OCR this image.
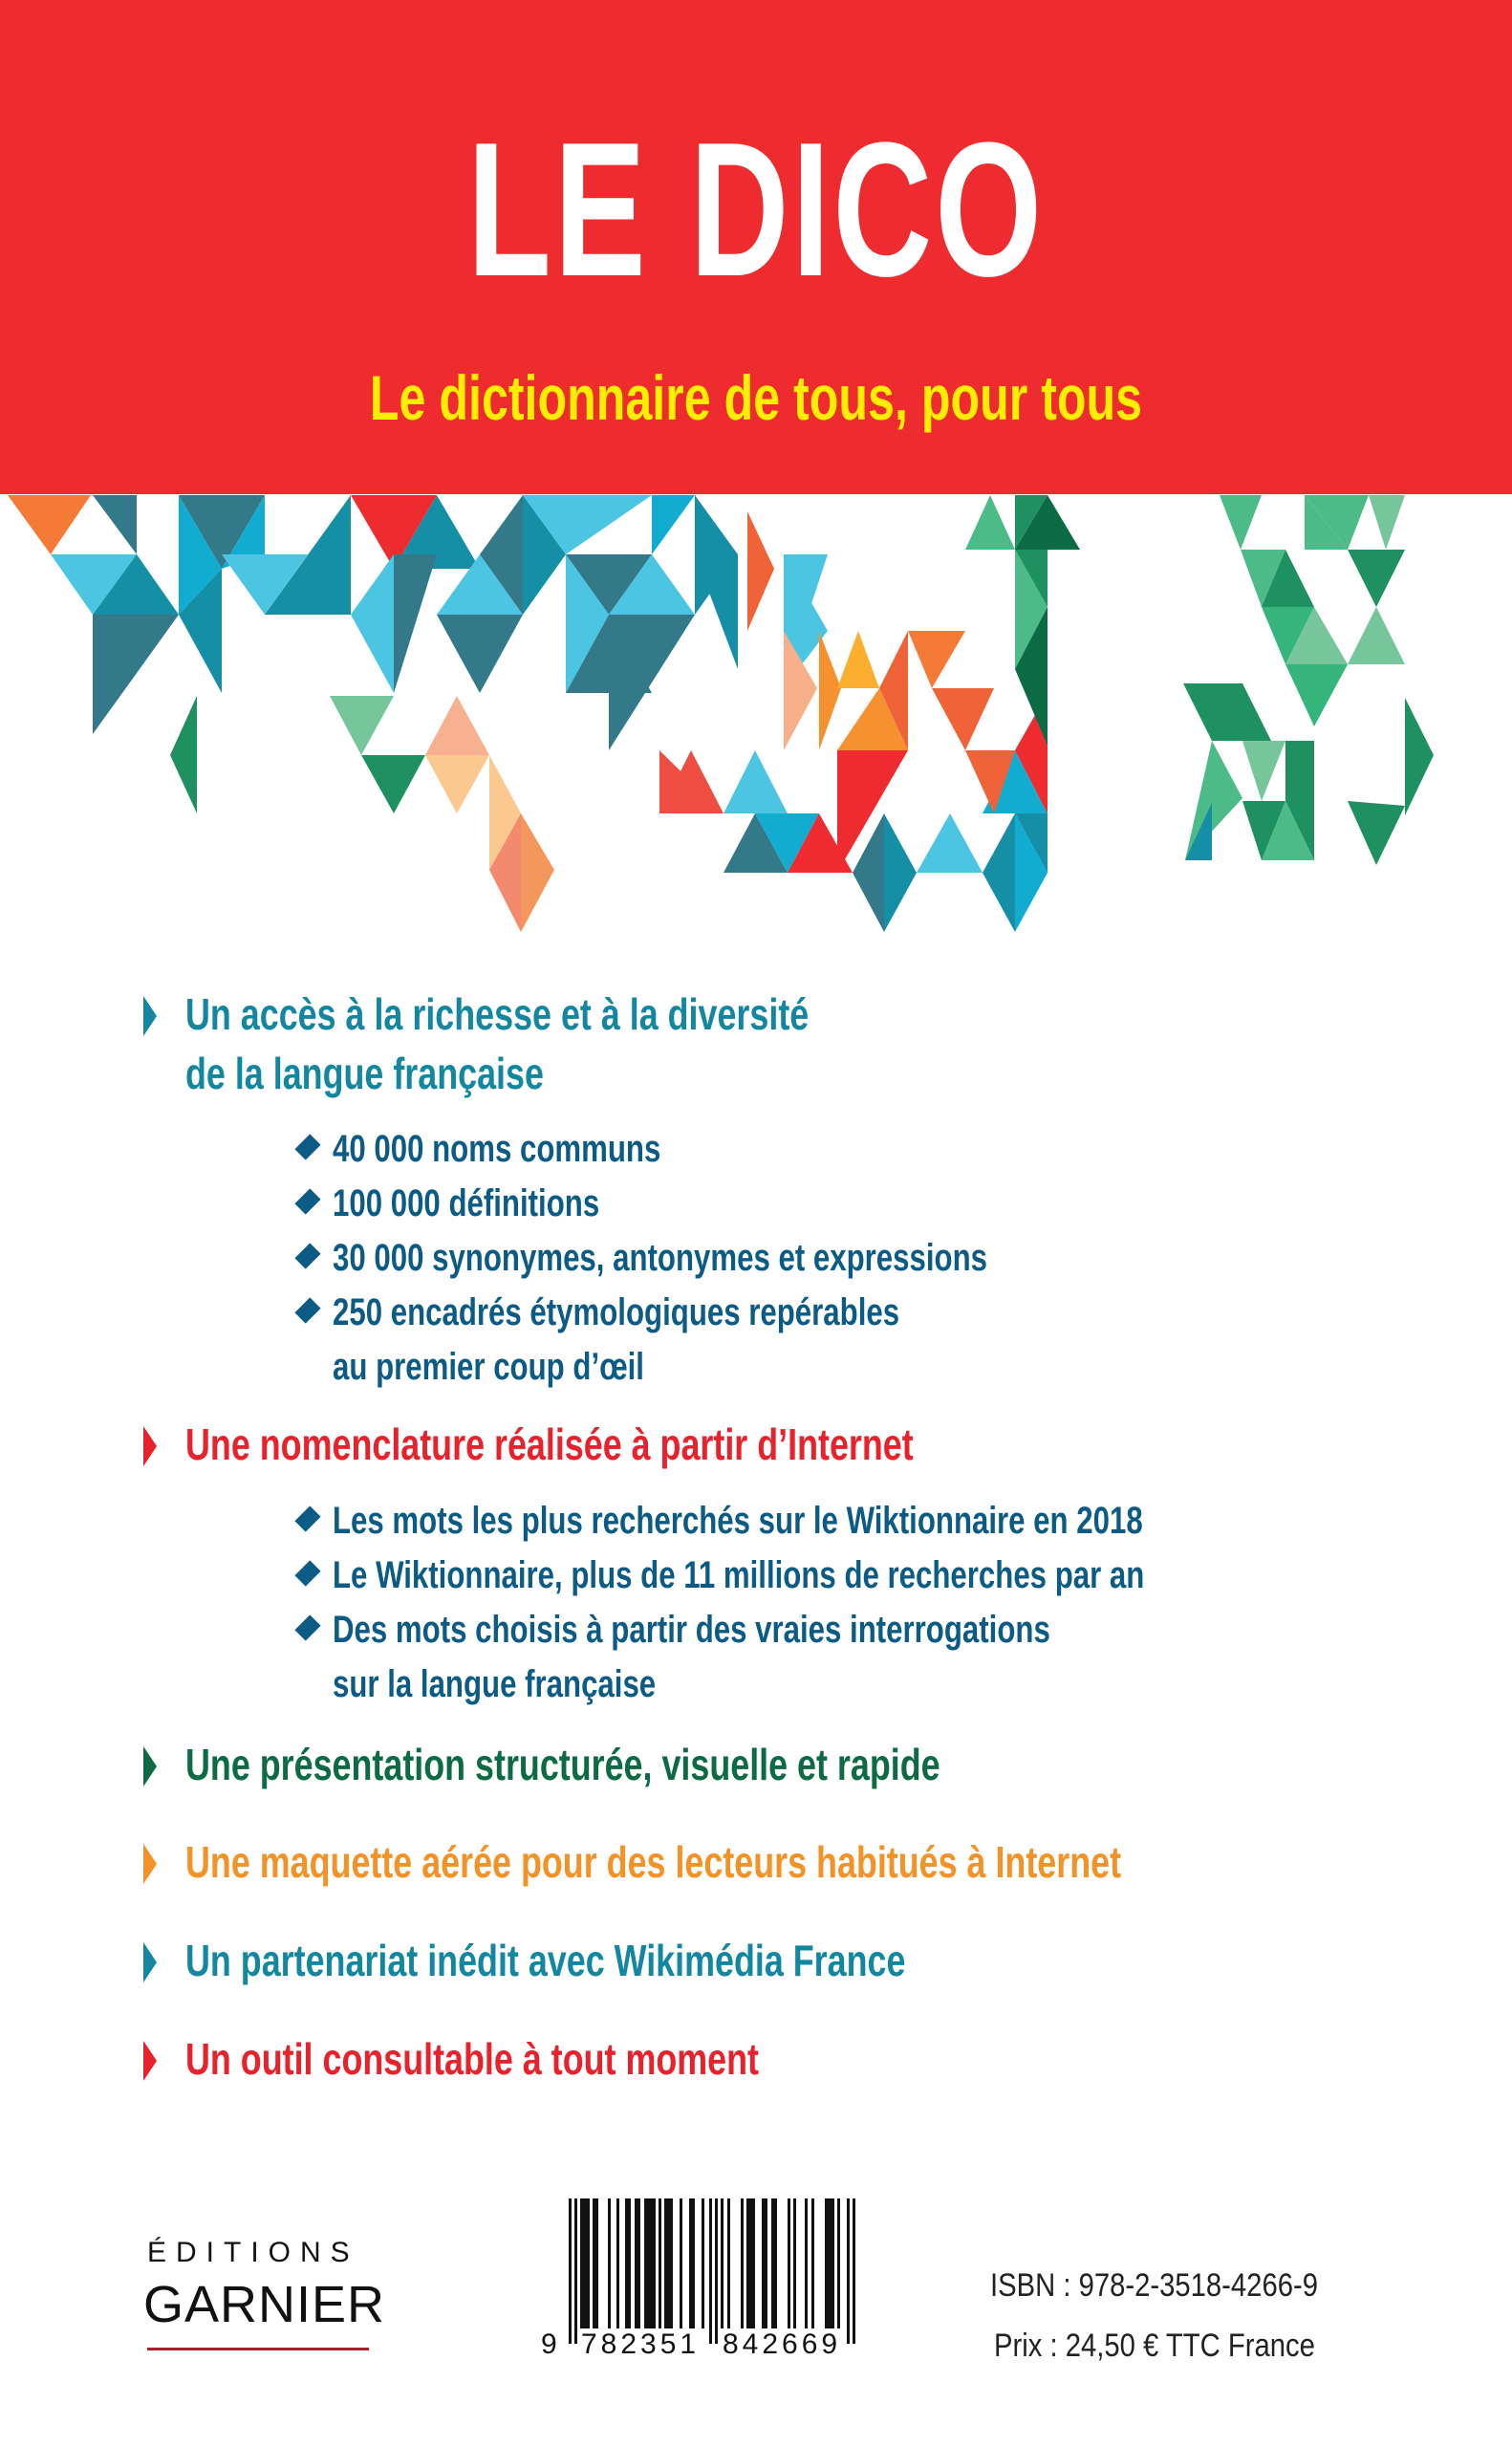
LE DICO
Le dictionnaire de tous, pour tous
Un accès à la richesse et à la diversité
de la langue française
40 000 noms communs
100 000 définitions
30 000 synonymes, antonymes et expressions
250 encadrés étymologiques repérables
au premier coup d’œil
Une nomenclature réalisée à partir d’Internet
Les mots les plus recherchés sur le Wiktionnaire en 2018
Le Wiktionnaire, plus de 11 millions de recherches par an
Des mots choisis à partir des vraies interrogations
sur la langue française
Une présentation structurée, visuelle et rapide
Une maquette aérée pour des lecteurs habitués à Internet
Un partenariat inédit avec Wikimédia France
Un outil consultable à tout moment
ÉDITIONS
GARNIER
9 782351 842669
ISBN : 978-2-3518-4266-9
Prix : 24,50 € TTC France
